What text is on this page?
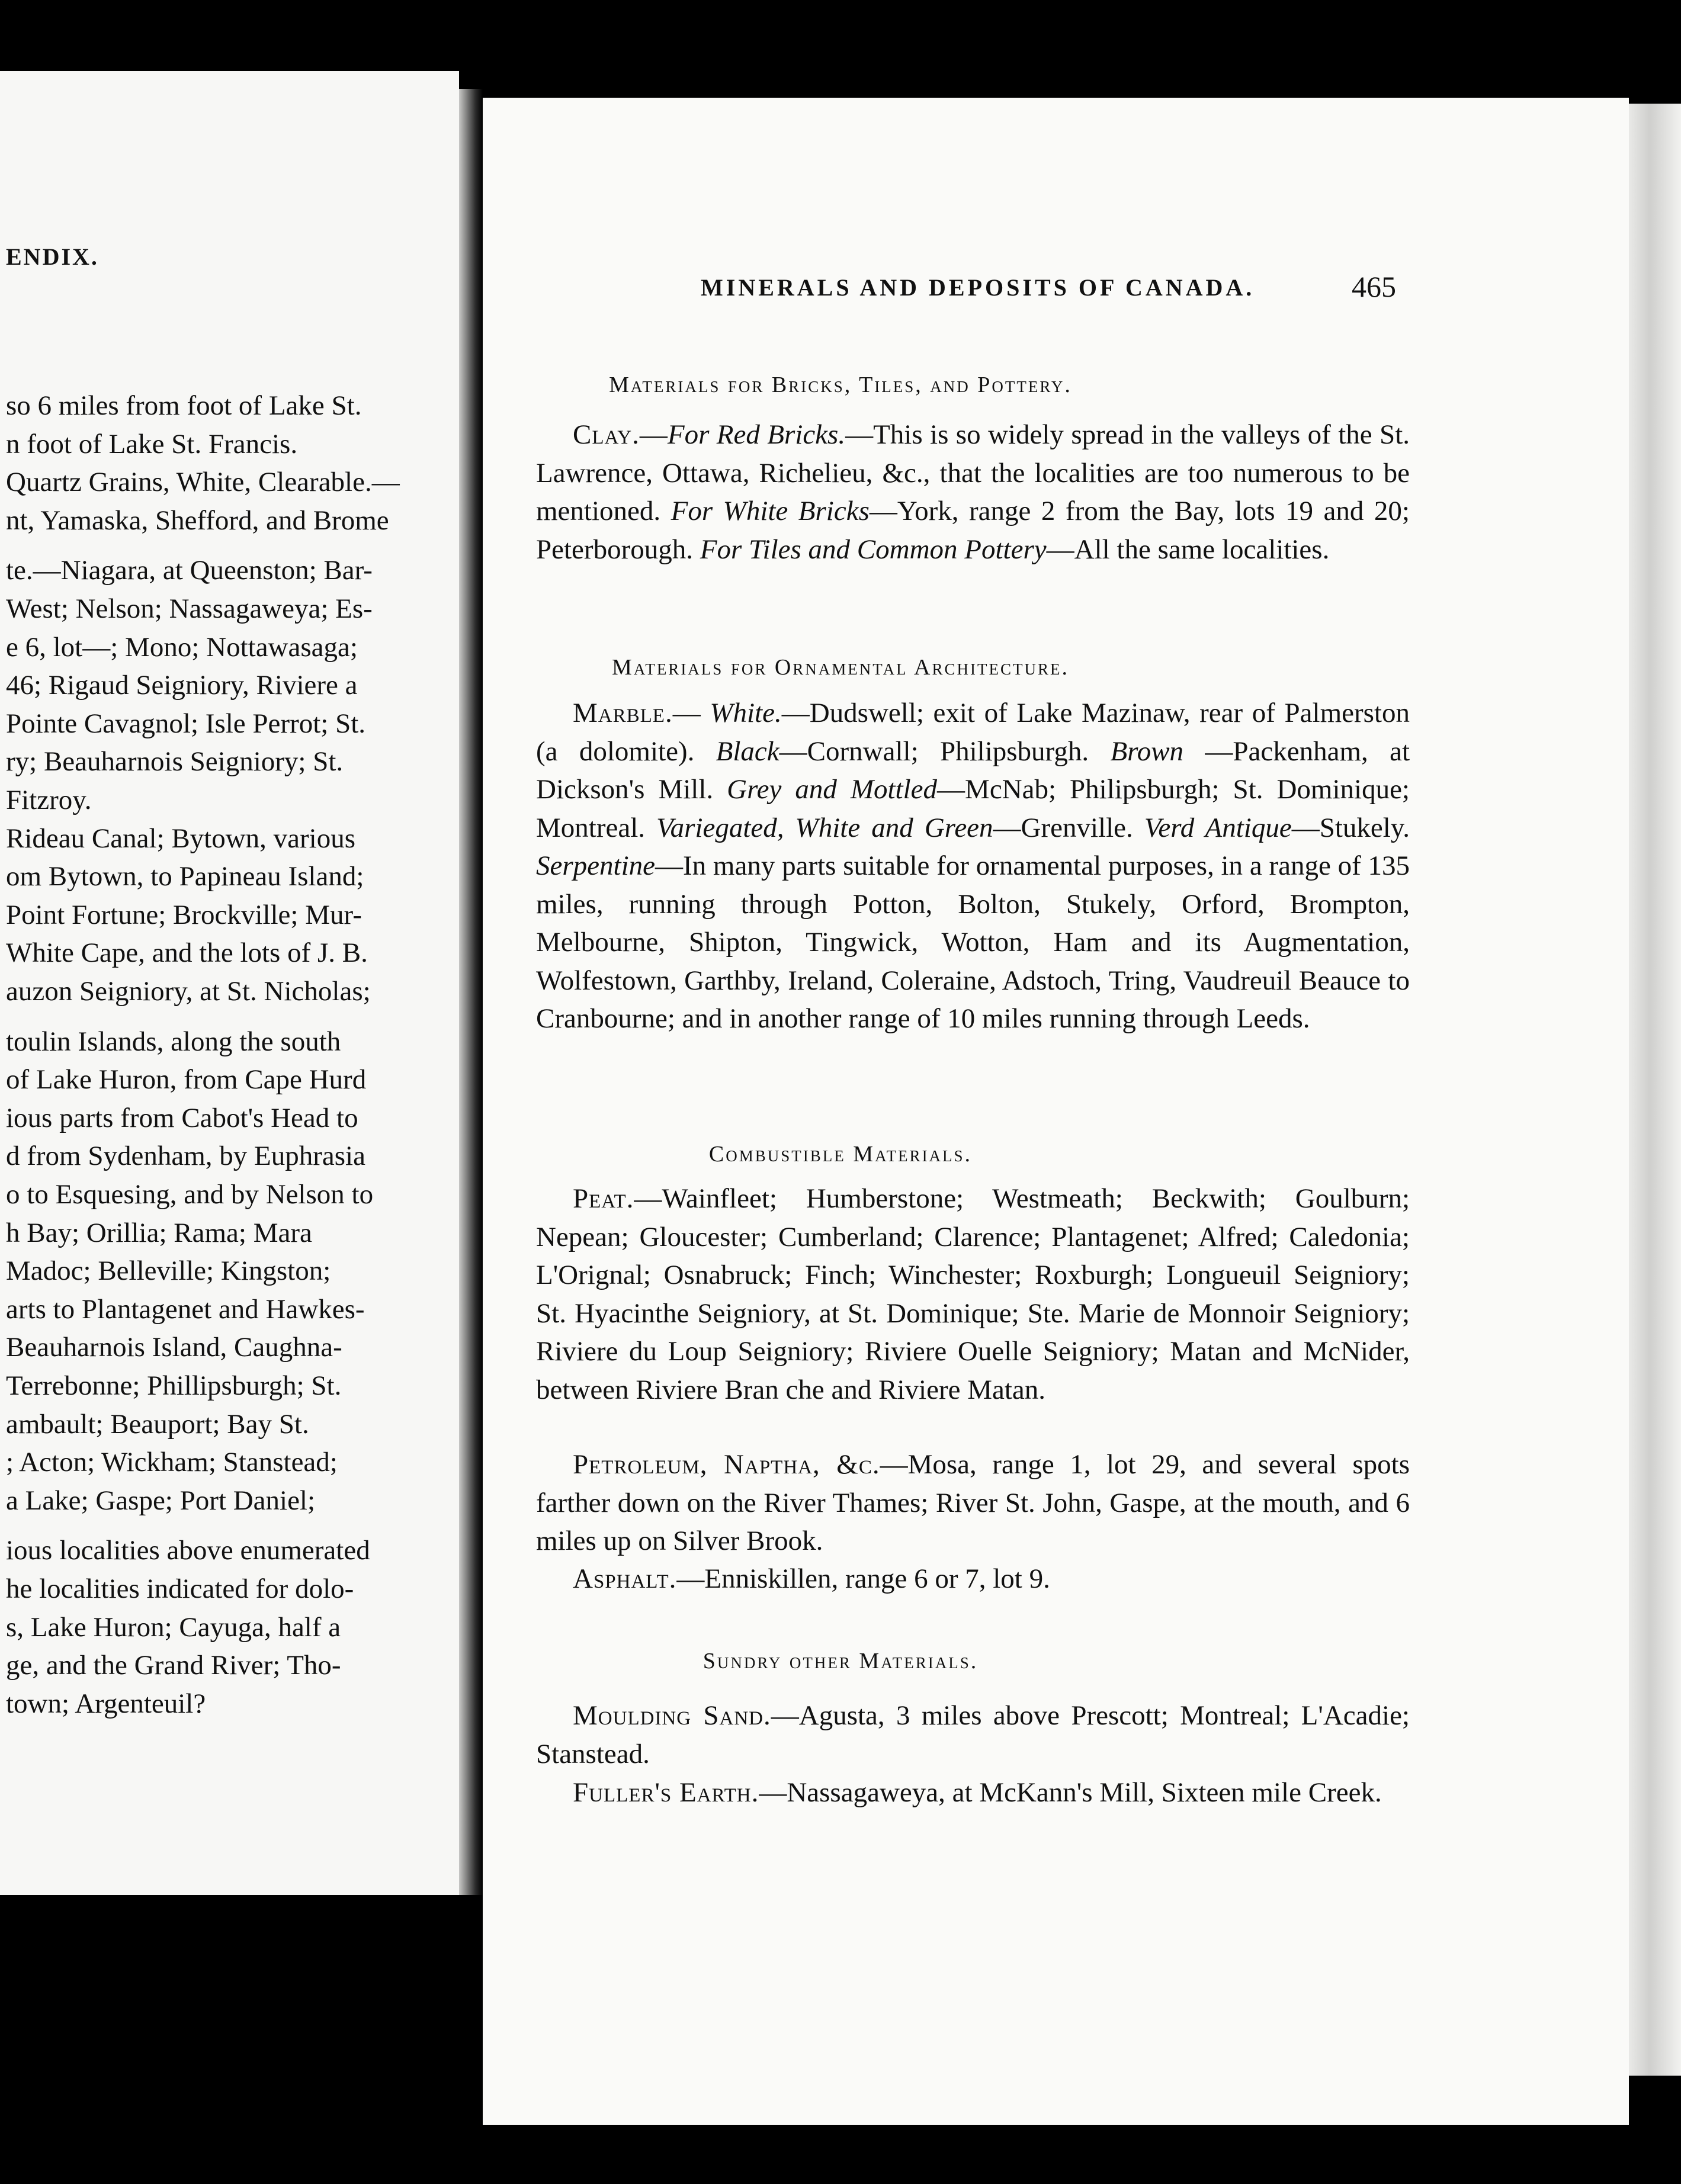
ENDIX.
so 6 miles from foot of Lake St.
n foot of Lake St. Francis.
Quartz Grains, White, Clearable.—
nt, Yamaska, Shefford, and Brome
te.—Niagara, at Queenston; Bar-
West; Nelson; Nassagaweya; Es-
e 6, lot—; Mono; Nottawasaga;
46; Rigaud Seigniory, Riviere a
Pointe Cavagnol; Isle Perrot; St.
ry; Beauharnois Seigniory; St.
Fitzroy.
Rideau Canal; Bytown, various
om Bytown, to Papineau Island;
Point Fortune; Brockville; Mur-
White Cape, and the lots of J. B.
auzon Seigniory, at St. Nicholas;
toulin Islands, along the south
of Lake Huron, from Cape Hurd
ious parts from Cabot's Head to
d from Sydenham, by Euphrasia
o to Esquesing, and by Nelson to
h Bay; Orillia; Rama; Mara
Madoc; Belleville; Kingston;
arts to Plantagenet and Hawkes-
Beauharnois Island, Caughna-
Terrebonne; Phillipsburgh; St.
ambault; Beauport; Bay St.
; Acton; Wickham; Stanstead;
a Lake; Gaspe; Port Daniel;
ious localities above enumerated
he localities indicated for dolo-
s, Lake Huron; Cayuga, half a
ge, and the Grand River; Tho-
town; Argenteuil?
MINERALS AND DEPOSITS OF CANADA.	465
Materials for Bricks, Tiles, and Pottery.

Clay.—For Red Bricks.—This is so widely spread in the valleys of the St. Lawrence, Ottawa, Richelieu, &c., that the localities are too numerous to be mentioned. For White Bricks—York, range 2 from the Bay, lots 19 and 20; Peterborough. For Tiles and Common Pottery—All the same localities.

Materials for Ornamental Architecture.

Marble.— White.—Dudswell; exit of Lake Mazinaw, rear of Palmerston (a dolomite). Black—Cornwall; Philipsburgh. Brown —Packenham, at Dickson's Mill. Grey and Mottled—McNab; Philipsburgh; St. Dominique; Montreal. Variegated, White and Green—Grenville. Verd Antique—Stukely. Serpentine—In many parts suitable for ornamental purposes, in a range of 135 miles, running through Potton, Bolton, Stukely, Orford, Brompton, Melbourne, Shipton, Tingwick, Wotton, Ham and its Augmentation, Wolfestown, Garthby, Ireland, Coleraine, Adstoch, Tring, Vaudreuil Beauce to Cranbourne; and in another range of 10 miles running through Leeds.

Combustible Materials.

Peat.—Wainfleet; Humberstone; Westmeath; Beckwith; Goulburn; Nepean; Gloucester; Cumberland; Clarence; Plantagenet; Alfred; Caledonia; L'Orignal; Osnabruck; Finch; Winchester; Roxburgh; Longueuil Seigniory; St. Hyacinthe Seigniory, at St. Dominique; Ste. Marie de Monnoir Seigniory; Riviere du Loup Seigniory; Riviere Ouelle Seigniory; Matan and McNider, between Riviere Bran che and Riviere Matan.

Petroleum, Naptha, &c.—Mosa, range 1, lot 29, and several spots farther down on the River Thames; River St. John, Gaspe, at the mouth, and 6 miles up on Silver Brook.

Asphalt.—Enniskillen, range 6 or 7, lot 9.

Sundry other Materials.

Moulding Sand.—Agusta, 3 miles above Prescott; Montreal; L'Acadie; Stanstead.

Fuller's Earth.—Nassagaweya, at McKann's Mill, Sixteen mile Creek.
